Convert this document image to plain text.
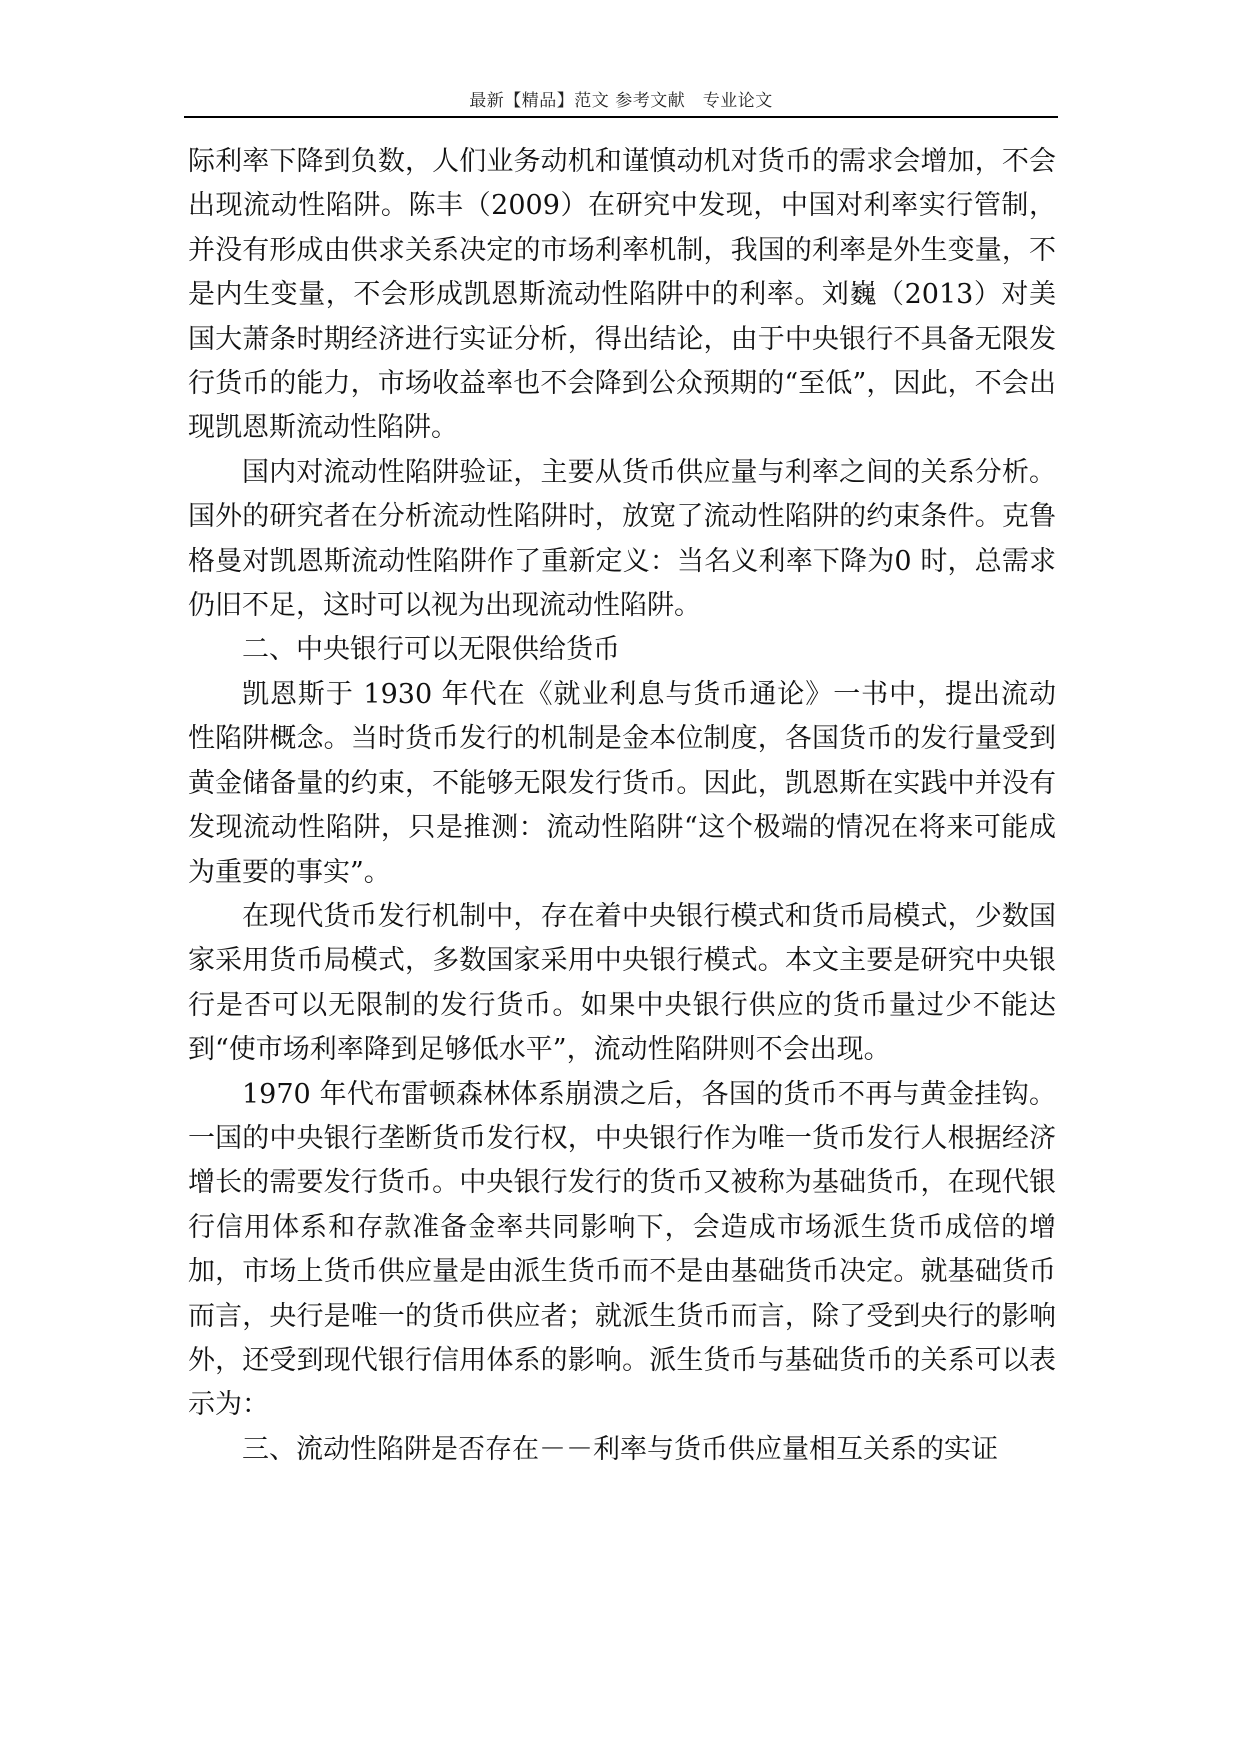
最新【精品】范文 参考文献　专业论文

际利率下降到负数，人们业务动机和谨慎动机对货币的需求会增加，不会出现流动性陷阱。陈丰（2009）在研究中发现，中国对利率实行管制，并没有形成由供求关系决定的市场利率机制，我国的利率是外生变量，不是内生变量，不会形成凯恩斯流动性陷阱中的利率。刘巍（2013）对美国大萧条时期经济进行实证分析，得出结论，由于中央银行不具备无限发行货币的能力，市场收益率也不会降到公众预期的“至低”，因此，不会出现凯恩斯流动性陷阱。

国内对流动性陷阱验证，主要从货币供应量与利率之间的关系分析。国外的研究者在分析流动性陷阱时，放宽了流动性陷阱的约束条件。克鲁格曼对凯恩斯流动性陷阱作了重新定义：当名义利率下降为0 时，总需求仍旧不足，这时可以视为出现流动性陷阱。

二、中央银行可以无限供给货币

凯恩斯于 1930 年代在《就业利息与货币通论》一书中，提出流动性陷阱概念。当时货币发行的机制是金本位制度，各国货币的发行量受到黄金储备量的约束，不能够无限发行货币。因此，凯恩斯在实践中并没有发现流动性陷阱，只是推测：流动性陷阱“这个极端的情况在将来可能成为重要的事实”。

在现代货币发行机制中，存在着中央银行模式和货币局模式，少数国家采用货币局模式，多数国家采用中央银行模式。本文主要是研究中央银行是否可以无限制的发行货币。如果中央银行供应的货币量过少不能达到“使市场利率降到足够低水平”，流动性陷阱则不会出现。

1970 年代布雷顿森林体系崩溃之后，各国的货币不再与黄金挂钩。一国的中央银行垄断货币发行权，中央银行作为唯一货币发行人根据经济增长的需要发行货币。中央银行发行的货币又被称为基础货币，在现代银行信用体系和存款准备金率共同影响下，会造成市场派生货币成倍的增加，市场上货币供应量是由派生货币而不是由基础货币决定。就基础货币而言，央行是唯一的货币供应者；就派生货币而言，除了受到央行的影响外，还受到现代银行信用体系的影响。派生货币与基础货币的关系可以表示为：

三、流动性陷阱是否存在－－利率与货币供应量相互关系的实证
